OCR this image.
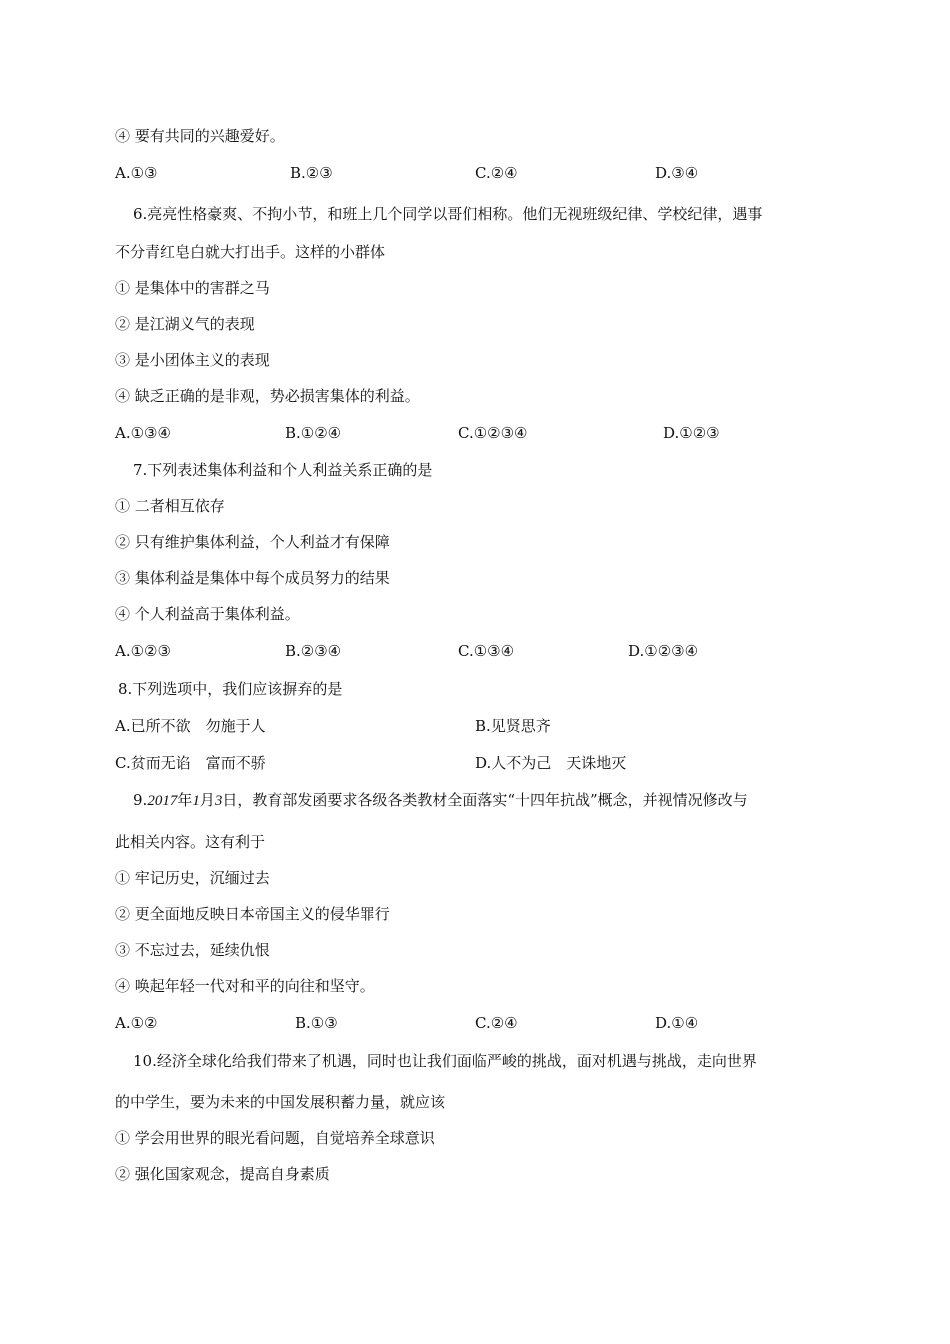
④ 要有共同的兴趣爱好。
A.①③	B.②③	C.②④	D.③④
6.亮亮性格豪爽、不拘小节，和班上几个同学以哥们相称。他们无视班级纪律、学校纪律，遇事
不分青红皂白就大打出手。这样的小群体
① 是集体中的害群之马
② 是江湖义气的表现
③ 是小团体主义的表现
④ 缺乏正确的是非观，势必损害集体的利益。
A.①③④	B.①②④	C.①②③④	D.①②③
7.下列表述集体利益和个人利益关系正确的是
① 二者相互依存
② 只有维护集体利益，个人利益才有保障
③ 集体利益是集体中每个成员努力的结果
④ 个人利益高于集体利益。
A.①②③	B.②③④	C.①③④	D.①②③④
8.下列选项中，我们应该摒弃的是
A.已所不欲　勿施于人	B.见贤思齐
C.贫而无谄　富而不骄	D.人不为己　天诛地灭
9.2017年1月3日，教育部发函要求各级各类教材全面落实“十四年抗战”概念，并视情况修改与
此相关内容。这有利于
① 牢记历史，沉缅过去
② 更全面地反映日本帝国主义的侵华罪行
③ 不忘过去，延续仇恨
④ 唤起年轻一代对和平的向往和坚守。
A.①②	B.①③	C.②④	D.①④
10.经济全球化给我们带来了机遇，同时也让我们面临严峻的挑战，面对机遇与挑战，走向世界
的中学生，要为未来的中国发展积蓄力量，就应该
① 学会用世界的眼光看问题，自觉培养全球意识
② 强化国家观念，提高自身素质
